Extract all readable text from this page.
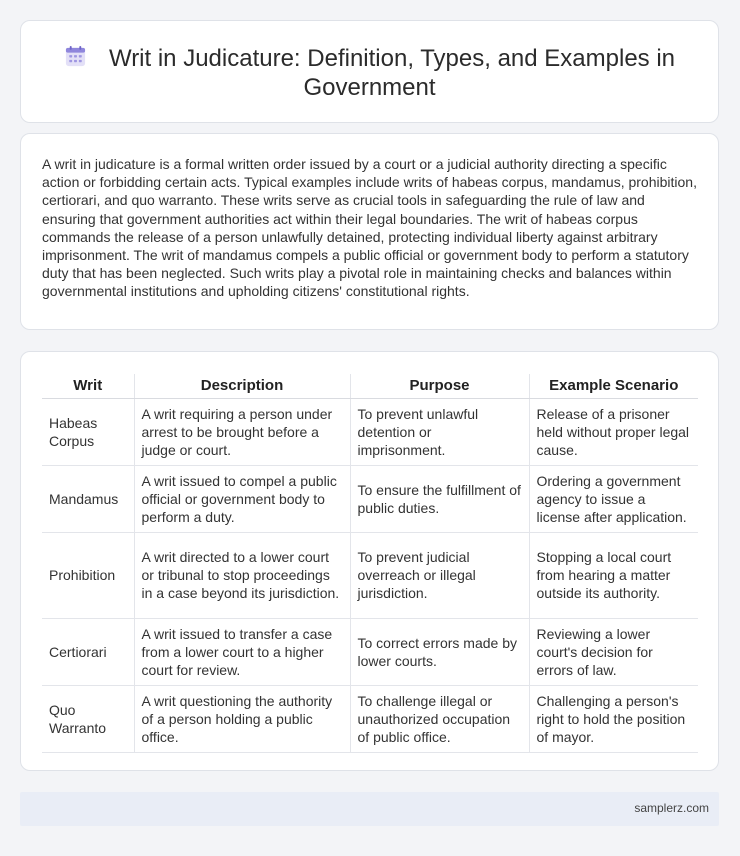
Writ in Judicature: Definition, Types, and Examples in Government

A writ in judicature is a formal written order issued by a court or a judicial authority directing a specific action or forbidding certain acts. Typical examples include writs of habeas corpus, mandamus, prohibition, certiorari, and quo warranto. These writs serve as crucial tools in safeguarding the rule of law and ensuring that government authorities act within their legal boundaries. The writ of habeas corpus commands the release of a person unlawfully detained, protecting individual liberty against arbitrary imprisonment. The writ of mandamus compels a public official or government body to perform a statutory duty that has been neglected. Such writs play a pivotal role in maintaining checks and balances within governmental institutions and upholding citizens' constitutional rights.

Writ	Description	Purpose	Example Scenario
Habeas Corpus	A writ requiring a person under arrest to be brought before a judge or court.	To prevent unlawful detention or imprisonment.	Release of a prisoner held without proper legal cause.
Mandamus	A writ issued to compel a public official or government body to perform a duty.	To ensure the fulfillment of public duties.	Ordering a government agency to issue a license after application.
Prohibition	A writ directed to a lower court or tribunal to stop proceedings in a case beyond its jurisdiction.	To prevent judicial overreach or illegal jurisdiction.	Stopping a local court from hearing a matter outside its authority.
Certiorari	A writ issued to transfer a case from a lower court to a higher court for review.	To correct errors made by lower courts.	Reviewing a lower court's decision for errors of law.
Quo Warranto	A writ questioning the authority of a person holding a public office.	To challenge illegal or unauthorized occupation of public office.	Challenging a person's right to hold the position of mayor.
samplerz.com
